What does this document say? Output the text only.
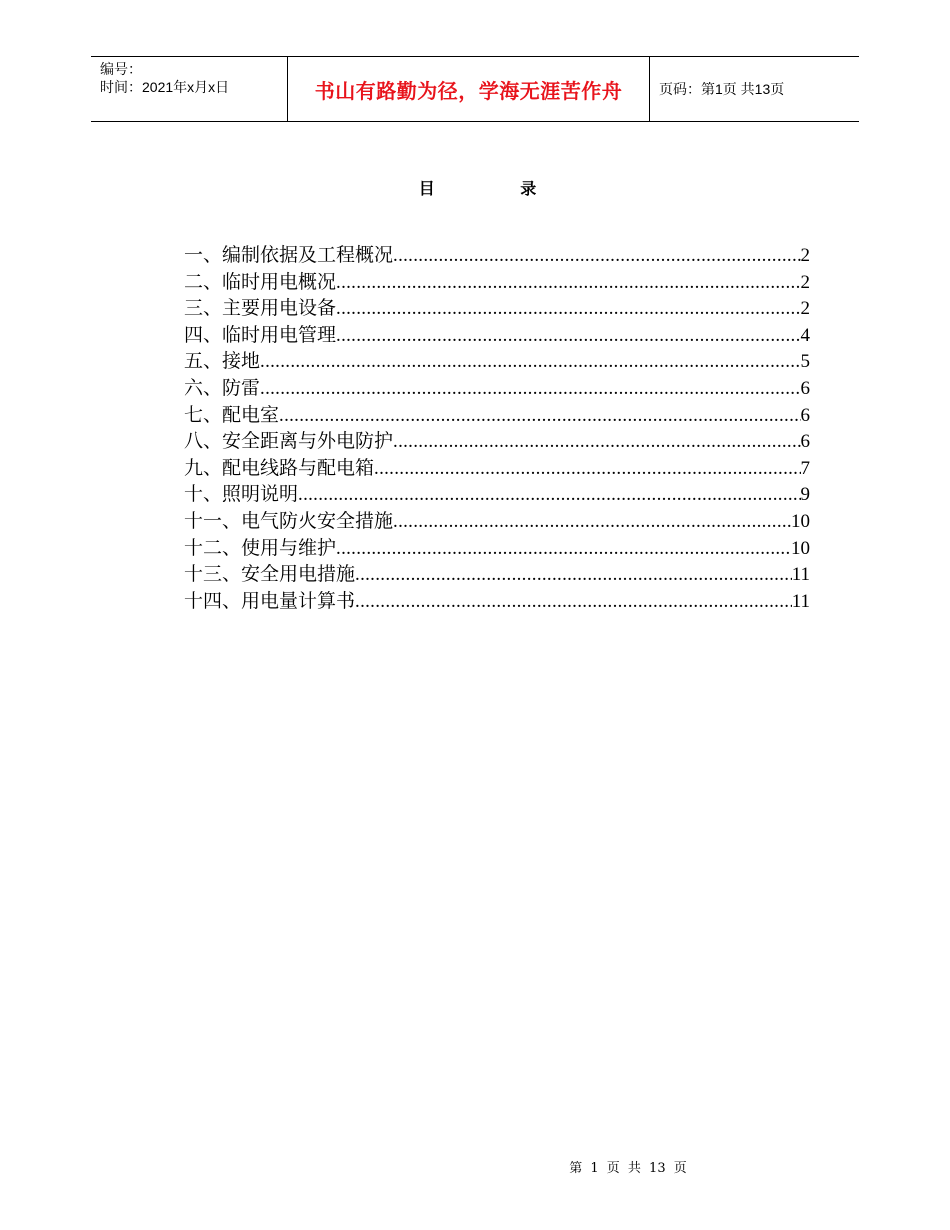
编号：
时间：2021年x月x日	书山有路勤为径，学海无涯苦作舟	页码：第1页 共13页
目 录
一、编制依据及工程概况 .....	2
二、临时用电概况 .....	2
三、主要用电设备 .....	2
四、临时用电管理 .....	4
五、接地 .....	5
六、防雷 .....	6
七、配电室 .....	6
八、安全距离与外电防护 .....	6
九、配电线路与配电箱 .....	7
十、照明说明 .....	9
十一、电气防火安全措施 .....	10
十二、使用与维护 .....	10
十三、安全用电措施 .....	11
十四、用电量计算书 .....	11
第 1 页 共 13 页
